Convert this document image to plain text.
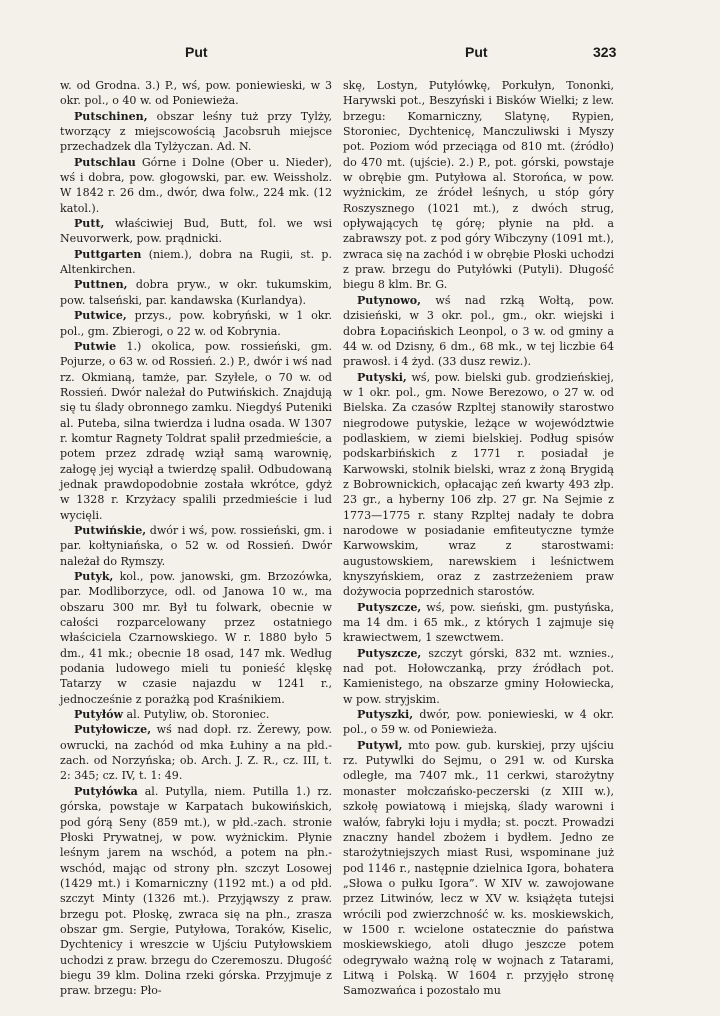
Put	Put	323

w. od Grodna. 3.) P., wś, pow. poniewieski, w 3 okr. pol., o 40 w. od Poniewieża.

Putschinen, obszar leśny tuż przy Tylży, tworzący z miejscowością Jacobsruh miejsce przechadzek dla Tylżyczan. Ad. N.

Putschlau Górne i Dolne (Ober u. Nieder), wś i dobra, pow. głogowski, par. ew. Weissholz. W 1842 r. 26 dm., dwór, dwa folw., 224 mk. (12 katol.).

Putt, właściwiej Bud, Butt, fol. we wsi Neuvorwerk, pow. prądnicki.

Puttgarten (niem.), dobra na Rugii, st. p. Altenkirchen.

Puttnen, dobra pryw., w okr. tukumskim, pow. talseński, par. kandawska (Kurlandya).

Putwice, przys., pow. kobryński, w 1 okr. pol., gm. Zbierogi, o 22 w. od Kobrynia.

Putwie 1.) okolica, pow. rossieński, gm. Pojurze, o 63 w. od Rossień. 2.) P., dwór i wś nad rz. Okmianą, tamże, par. Szyłele, o 70 w. od Rossień. Dwór należał do Putwińskich. Znajdują się tu ślady obronnego zamku. Niegdyś Puteniki al. Puteba, silna twierdza i ludna osada. W 1307 r. komtur Ragnety Toldrat spalił przedmieście, a potem przez zdradę wziął samą warownię, załogę jej wyciął a twierdzę spalił. Odbudowaną jednak prawdopodobnie została wkrótce, gdyż w 1328 r. Krzyżacy spalili przedmieście i lud wycięli.

Putwińskie, dwór i wś, pow. rossieński, gm. i par. kołtyniańska, o 52 w. od Rossień. Dwór należał do Rymszy.

Putyk, kol., pow. janowski, gm. Brzozówka, par. Modliborzyce, odl. od Janowa 10 w., ma obszaru 300 mr. Był tu folwark, obecnie w całości rozparcelowany przez ostatniego właściciela Czarnowskiego. W r. 1880 było 5 dm., 41 mk.; obecnie 18 osad, 147 mk. Według podania ludowego mieli tu ponieść klęskę Tatarzy w czasie najazdu w 1241 r., jednocześnie z porażką pod Kraśnikiem.

Putyłów al. Putyliw, ob. Storoniec.

Putyłowicze, wś nad dopł. rz. Żerewy, pow. owrucki, na zachód od mka Łuhiny a na płd.-zach. od Norzyńska; ob. Arch. J. Z. R., cz. III, t. 2: 345; cz. IV, t. 1: 49.

Putyłówka al. Putylla, niem. Putilla 1.) rz. górska, powstaje w Karpatach bukowińskich, pod górą Seny (859 mt.), w płd.-zach. stronie Płoski Prywatnej, w pow. wyżnickim. Płynie leśnym jarem na wschód, a potem na płn.-wschód, mając od strony płn. szczyt Losowej (1429 mt.) i Komarniczny (1192 mt.) a od płd. szczyt Minty (1326 mt.). Przyjąwszy z praw. brzegu pot. Płoskę, zwraca się na płn., zrasza obszar gm. Sergie, Putyłowa, Toraków, Kiselic, Dychtenicy i wreszcie w Ujściu Putyłowskiem uchodzi z praw. brzegu do Czeremoszu. Długość biegu 39 klm. Dolina rzeki górska. Przyjmuje z praw. brzegu: Pło-

skę, Lostyn, Putyłówkę, Porkułyn, Tononki, Harywski pot., Beszyński i Bisków Wielki; z lew. brzegu: Komarniczny, Slatynę, Rypien, Storoniec, Dychtenicę, Manczuliwski i Myszy pot. Poziom wód przeciąga od 810 mt. (źródło) do 470 mt. (ujście). 2.) P., pot. górski, powstaje w obrębie gm. Putyłowa al. Storońca, w pow. wyżnickim, ze źródeł leśnych, u stóp góry Roszysznego (1021 mt.), z dwóch strug, opływających tę górę; płynie na płd. a zabrawszy pot. z pod góry Wibczyny (1091 mt.), zwraca się na zachód i w obrębie Płoski uchodzi z praw. brzegu do Putyłówki (Putyli). Długość biegu 8 klm. Br. G.

Putynowo, wś nad rzką Wołtą, pow. dzisieński, w 3 okr. pol., gm., okr. wiejski i dobra Łopacińskich Leonpol, o 3 w. od gminy a 44 w. od Dzisny, 6 dm., 68 mk., w tej liczbie 64 prawosł. i 4 żyd. (33 dusz rewiz.).

Putyski, wś, pow. bielski gub. grodzieńskiej, w 1 okr. pol., gm. Nowe Berezowo, o 27 w. od Bielska. Za czasów Rzpltej stanowiły starostwo niegrodowe putyskie, leżące w województwie podlaskiem, w ziemi bielskiej. Podług spisów podskarbińskich z 1771 r. posiadał je Karwowski, stolnik bielski, wraz z żoną Brygidą z Bobrownickich, opłacając zeń kwarty 493 złp. 23 gr., a hyberny 106 złp. 27 gr. Na Sejmie z 1773—1775 r. stany Rzpltej nadały te dobra narodowe w posiadanie emfiteutyczne tymże Karwowskim, wraz z starostwami: augustowskiem, narewskiem i leśnictwem knyszyńskiem, oraz z zastrzeżeniem praw dożywocia poprzednich starostów.

Putyszcze, wś, pow. sieński, gm. pustyńska, ma 14 dm. i 65 mk., z których 1 zajmuje się krawiectwem, 1 szewctwem.

Putyszcze, szczyt górski, 832 mt. wznies., nad pot. Hołowczanką, przy źródłach pot. Kamienistego, na obszarze gminy Hołowiecka, w pow. stryjskim.

Putyszki, dwór, pow. poniewieski, w 4 okr. pol., o 59 w. od Poniewieża.

Putywl, mto pow. gub. kurskiej, przy ujściu rz. Putywlki do Sejmu, o 291 w. od Kurska odległe, ma 7407 mk., 11 cerkwi, starożytny monaster mołczańsko-peczerski (z XIII w.), szkołę powiatową i miejską, ślady warowni i wałów, fabryki łoju i mydła; st. poczt. Prowadzi znaczny handel zbożem i bydłem. Jedno ze starożytniejszych miast Rusi, wspominane już pod 1146 r., następnie dzielnica Igora, bohatera „Słowa o pułku Igora”. W XIV w. zawojowane przez Litwinów, lecz w XV w. książęta tutejsi wrócili pod zwierzchność w. ks. moskiewskich, w 1500 r. wcielone ostatecznie do państwa moskiewskiego, atoli długo jeszcze potem odegrywało ważną rolę w wojnach z Tatarami, Litwą i Polską. W 1604 r. przyjęło stronę Samozwańca i pozostało mu
